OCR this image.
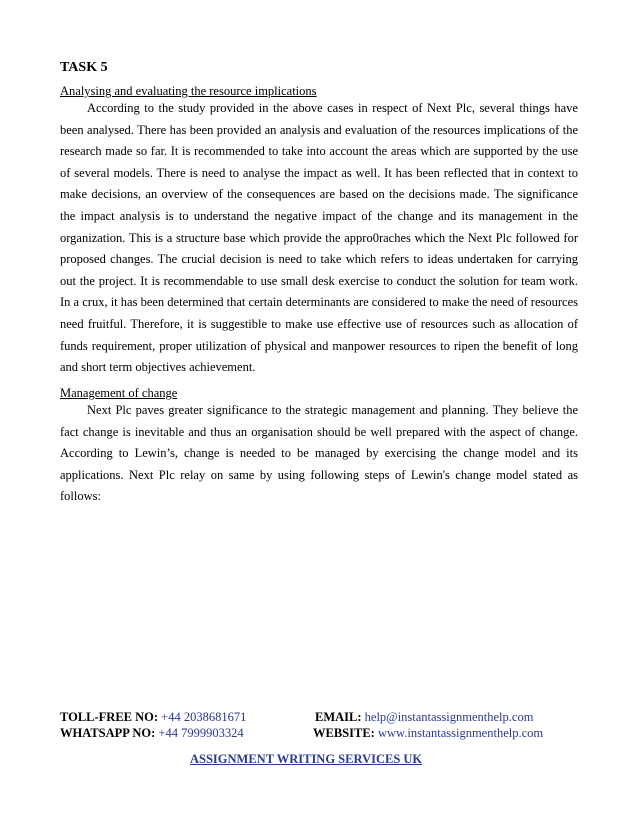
TASK 5
Analysing and evaluating the resource implications
According to the study provided in the above cases in respect of Next Plc, several things have been analysed. There has been provided an analysis and evaluation of the resources implications of the research made so far. It is recommended to take into account the areas which are supported by the use of several models. There is need to analyse the impact as well. It has been reflected that in context to make decisions, an overview of the consequences are based on the decisions made. The significance the impact analysis is to understand the negative impact of the change and its management in the organization. This is a structure base which provide the appro0raches which the Next Plc followed for proposed changes. The crucial decision is need to take which refers to ideas undertaken for carrying out the project. It is recommendable to use small desk exercise to conduct the solution for team work. In a crux, it has been determined that certain determinants are considered to make the need of resources need fruitful. Therefore, it is suggestible to make use effective use of resources such as allocation of funds requirement, proper utilization of physical and manpower resources to ripen the benefit of long and short term objectives achievement.
Management of change
Next Plc paves greater significance to the strategic management and planning. They believe the fact change is inevitable and thus an organisation should be well prepared with the aspect of change. According to Lewin’s, change is needed to be managed by exercising the change model and its applications. Next Plc relay on same by using following steps of Lewin's change model stated as follows:
TOLL-FREE NO: +44 2038681671	EMAIL: help@instantassignmenthelp.com
WHATSAPP NO: +44 7999903324	WEBSITE: www.instantassignmenthelp.com
ASSIGNMENT WRITING SERVICES UK
